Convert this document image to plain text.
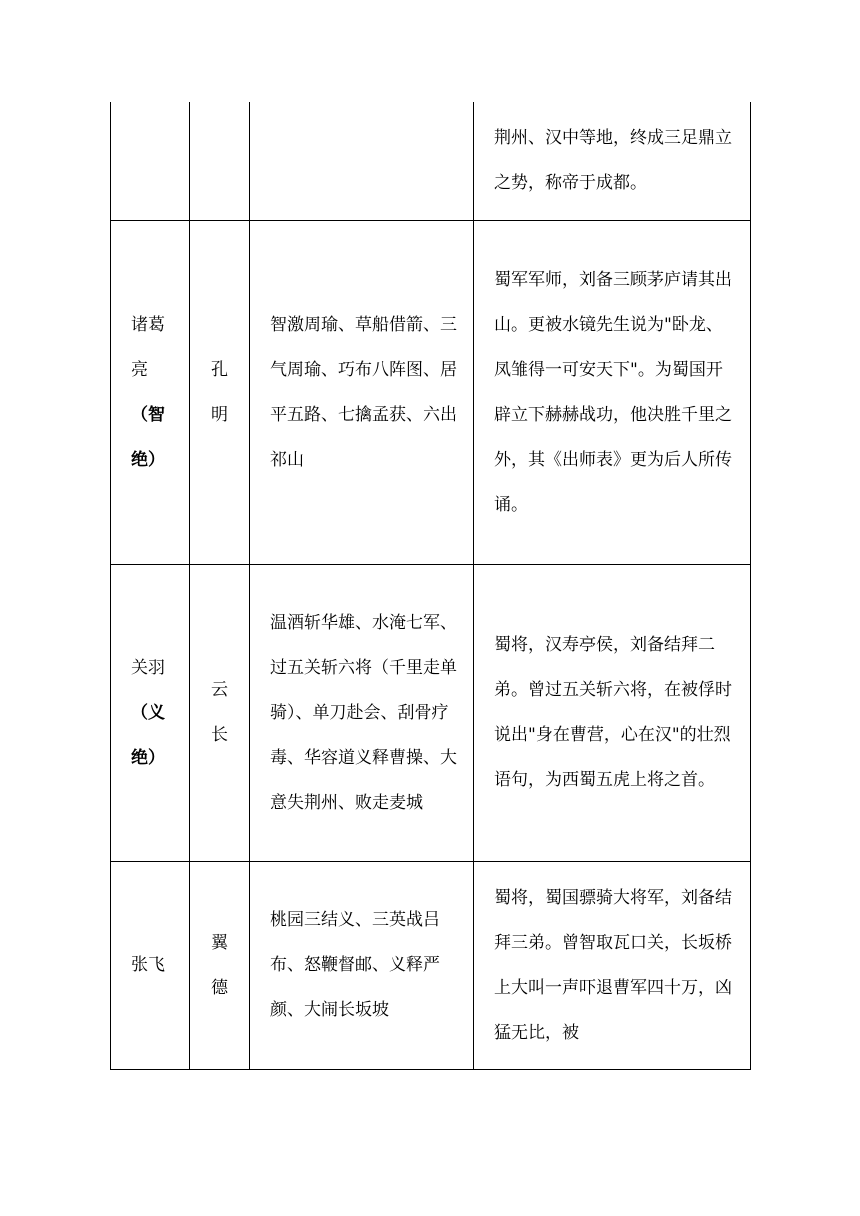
			荆州、汉中等地，终成三足鼎立之势，称帝于成都。
诸葛亮（智绝）	孔明	智激周瑜、草船借箭、三气周瑜、巧布八阵图、居平五路、七擒孟获、六出祁山	蜀军军师，刘备三顾茅庐请其出山。更被水镜先生说为"卧龙、凤雏得一可安天下"。为蜀国开辟立下赫赫战功，他决胜千里之外，其《出师表》更为后人所传诵。
关羽（义绝）	云长	温酒斩华雄、水淹七军、过五关斩六将（千里走单骑）、单刀赴会、刮骨疗毒、华容道义释曹操、大意失荆州、败走麦城	蜀将，汉寿亭侯，刘备结拜二弟。曾过五关斩六将，在被俘时说出"身在曹营，心在汉"的壮烈语句，为西蜀五虎上将之首。
张飞	翼德	桃园三结义、三英战吕布、怒鞭督邮、义释严颜、大闹长坂坡	蜀将，蜀国骠骑大将军，刘备结拜三弟。曾智取瓦口关，长坂桥上大叫一声吓退曹军四十万，凶猛无比，被
